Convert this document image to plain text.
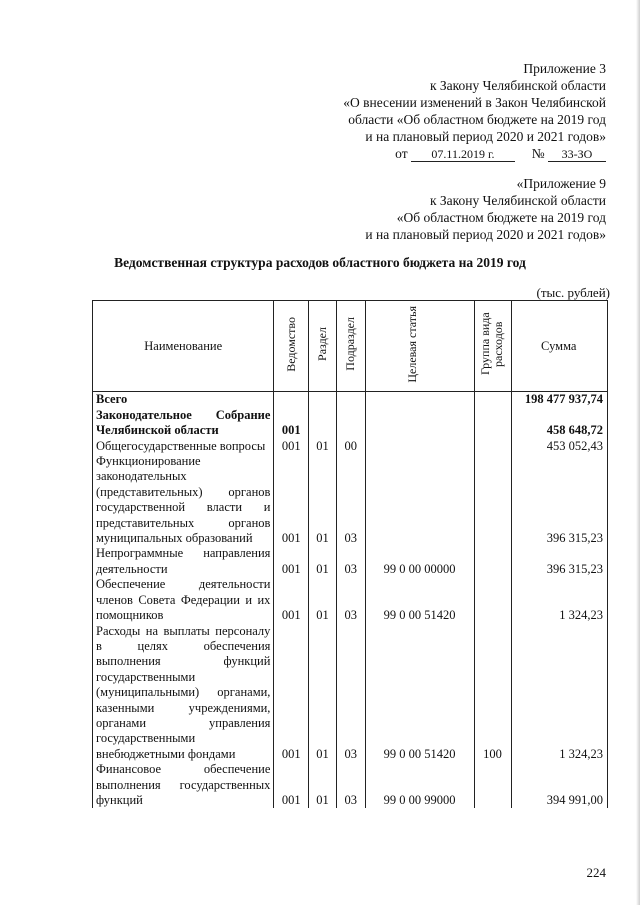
Приложение 3
к Закону Челябинской области
«О внесении изменений в Закон Челябинской
области «Об областном бюджете на 2019 год
и на плановый период 2020 и 2021 годов»
от 07.11.2019 г.	№ 33-ЗО
«Приложение 9
к Закону Челябинской области
«Об областном бюджете на 2019 год
и на плановый период 2020 и 2021 годов»
Ведомственная структура расходов областного бюджета на 2019 год
(тыс. рублей)
Наименование	Ведомство	Раздел	Подраздел	Целевая статья	Группа вида расходов	Сумма
Всего						198 477 937,74
Законодательное Собрание Челябинской области	001					458 648,72
Общегосударственные вопросы	001	01	00			453 052,43
Функционирование законодательных (представительных) органов государственной власти и представительных органов муниципальных образований	001	01	03			396 315,23
Непрограммные направления деятельности	001	01	03	99 0 00 00000		396 315,23
Обеспечение деятельности членов Совета Федерации и их помощников	001	01	03	99 0 00 51420		1 324,23
Расходы на выплаты персоналу в целях обеспечения выполнения функций государственными (муниципальными) органами, казенными учреждениями, органами управления государственными внебюджетными фондами	001	01	03	99 0 00 51420	100	1 324,23
Финансовое обеспечение выполнения государственных функций	001	01	03	99 0 00 99000		394 991,00
224
